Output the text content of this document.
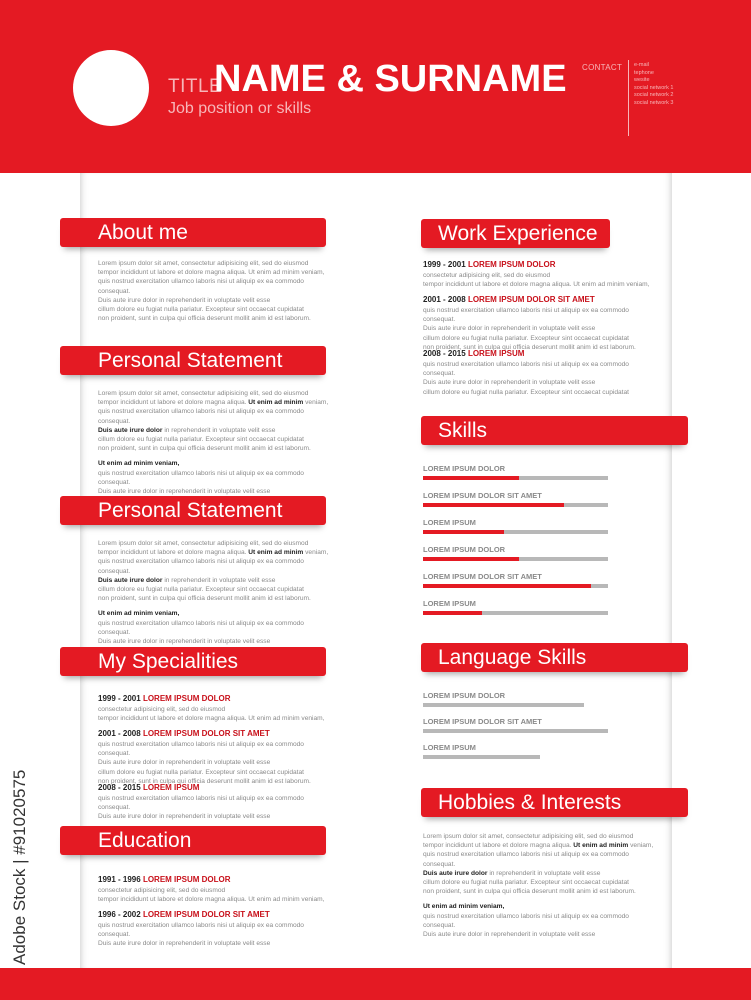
TITLE
NAME & SURNAME
Job position or skills
CONTACT e-mail
tephone
wesite
social network 1
social network 2
social network 3
About me
Lorem ipsum dolor sit amet, consectetur adipisicing elit, sed do eiusmod
tempor incididunt ut labore et dolore magna aliqua. Ut enim ad minim veniam,
quis nostrud exercitation ullamco laboris nisi ut aliquip ex ea commodo consequat.
Duis aute irure dolor in reprehenderit in voluptate velit esse
cillum dolore eu fugiat nulla pariatur. Excepteur sint occaecat cupidatat
non proident, sunt in culpa qui officia deserunt mollit anim id est laborum.
Personal Statement
Lorem ipsum dolor sit amet, consectetur adipisicing elit, sed do eiusmod
tempor incididunt ut labore et dolore magna aliqua. Ut enim ad minim veniam,
quis nostrud exercitation ullamco laboris nisi ut aliquip ex ea commodo consequat.
Duis aute irure dolor in reprehenderit in voluptate velit esse
cillum dolore eu fugiat nulla pariatur. Excepteur sint occaecat cupidatat
non proident, sunt in culpa qui officia deserunt mollit anim id est laborum.
Ut enim ad minim veniam,
quis nostrud exercitation ullamco laboris nisi ut aliquip ex ea commodo consequat.
Duis aute irure dolor in reprehenderit in voluptate velit esse
Personal Statement
Lorem ipsum dolor sit amet, consectetur adipisicing elit, sed do eiusmod
tempor incididunt ut labore et dolore magna aliqua. Ut enim ad minim veniam,
quis nostrud exercitation ullamco laboris nisi ut aliquip ex ea commodo consequat.
Duis aute irure dolor in reprehenderit in voluptate velit esse
cillum dolore eu fugiat nulla pariatur. Excepteur sint occaecat cupidatat
non proident, sunt in culpa qui officia deserunt mollit anim id est laborum.
Ut enim ad minim veniam,
quis nostrud exercitation ullamco laboris nisi ut aliquip ex ea commodo consequat.
Duis aute irure dolor in reprehenderit in voluptate velit esse
My Specialities
1999 - 2001 LOREM IPSUM DOLOR
consectetur adipisicing elit, sed do eiusmod
tempor incididunt ut labore et dolore magna aliqua. Ut enim ad minim veniam,
2001 - 2008 LOREM IPSUM DOLOR SIT AMET
quis nostrud exercitation ullamco laboris nisi ut aliquip ex ea commodo consequat.
Duis aute irure dolor in reprehenderit in voluptate velit esse
cillum dolore eu fugiat nulla pariatur. Excepteur sint occaecat cupidatat
non proident, sunt in culpa qui officia deserunt mollit anim id est laborum.
2008 - 2015 LOREM IPSUM
quis nostrud exercitation ullamco laboris nisi ut aliquip ex ea commodo consequat.
Duis aute irure dolor in reprehenderit in voluptate velit esse
Education
1991 - 1996 LOREM IPSUM DOLOR
consectetur adipisicing elit, sed do eiusmod
tempor incididunt ut labore et dolore magna aliqua. Ut enim ad minim veniam,
1996 - 2002 LOREM IPSUM DOLOR SIT AMET
quis nostrud exercitation ullamco laboris nisi ut aliquip ex ea commodo consequat.
Duis aute irure dolor in reprehenderit in voluptate velit esse
Work Experience
1999 - 2001 LOREM IPSUM DOLOR
consectetur adipisicing elit, sed do eiusmod
tempor incididunt ut labore et dolore magna aliqua. Ut enim ad minim veniam,
2001 - 2008 LOREM IPSUM DOLOR SIT AMET
quis nostrud exercitation ullamco laboris nisi ut aliquip ex ea commodo consequat.
Duis aute irure dolor in reprehenderit in voluptate velit esse
cillum dolore eu fugiat nulla pariatur. Excepteur sint occaecat cupidatat
non proident, sunt in culpa qui officia deserunt mollit anim id est laborum.
2008 - 2015 LOREM IPSUM
quis nostrud exercitation ullamco laboris nisi ut aliquip ex ea commodo consequat.
Duis aute irure dolor in reprehenderit in voluptate velit esse
cillum dolore eu fugiat nulla pariatur. Excepteur sint occaecat cupidatat
Skills
LOREM IPSUM DOLOR
LOREM IPSUM DOLOR SIT AMET
LOREM IPSUM
LOREM IPSUM DOLOR
LOREM IPSUM DOLOR SIT AMET
LOREM IPSUM
Language Skills
LOREM IPSUM DOLOR
LOREM IPSUM DOLOR SIT AMET
LOREM IPSUM
Hobbies & Interests
Lorem ipsum dolor sit amet, consectetur adipisicing elit, sed do eiusmod
tempor incididunt ut labore et dolore magna aliqua. Ut enim ad minim veniam,
quis nostrud exercitation ullamco laboris nisi ut aliquip ex ea commodo consequat.
Duis aute irure dolor in reprehenderit in voluptate velit esse
cillum dolore eu fugiat nulla pariatur. Excepteur sint occaecat cupidatat
non proident, sunt in culpa qui officia deserunt mollit anim id est laborum.
Ut enim ad minim veniam,
quis nostrud exercitation ullamco laboris nisi ut aliquip ex ea commodo consequat.
Duis aute irure dolor in reprehenderit in voluptate velit esse
Adobe Stock | #91020575
